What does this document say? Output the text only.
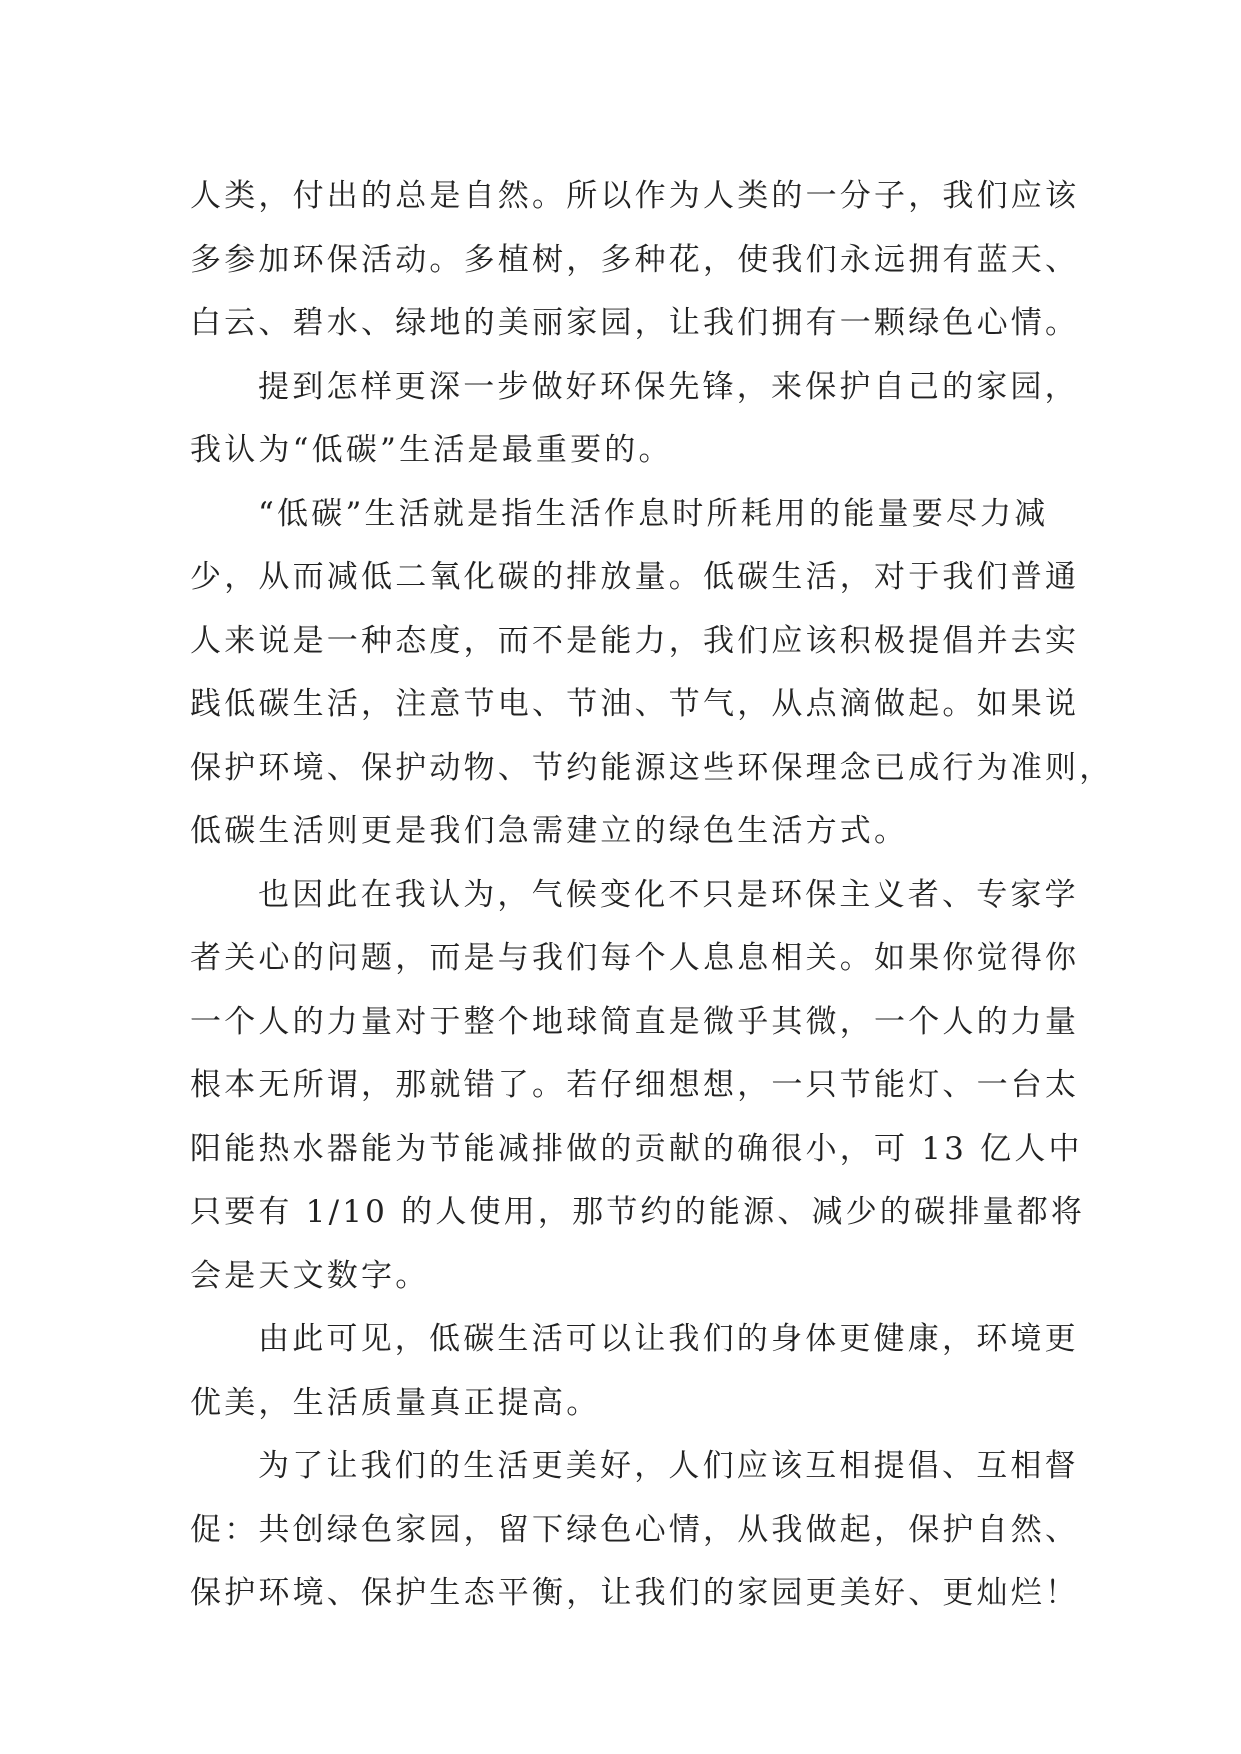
人类，付出的总是自然。所以作为人类的一分子，我们应该
多参加环保活动。多植树，多种花，使我们永远拥有蓝天、
白云、碧水、绿地的美丽家园，让我们拥有一颗绿色心情。
提到怎样更深一步做好环保先锋，来保护自己的家园，
我认为“低碳”生活是最重要的。
“低碳”生活就是指生活作息时所耗用的能量要尽力减
少，从而减低二氧化碳的排放量。低碳生活，对于我们普通
人来说是一种态度，而不是能力，我们应该积极提倡并去实
践低碳生活，注意节电、节油、节气，从点滴做起。如果说
保护环境、保护动物、节约能源这些环保理念已成行为准则，
低碳生活则更是我们急需建立的绿色生活方式。
也因此在我认为，气候变化不只是环保主义者、专家学
者关心的问题，而是与我们每个人息息相关。如果你觉得你
一个人的力量对于整个地球简直是微乎其微，一个人的力量
根本无所谓，那就错了。若仔细想想，一只节能灯、一台太
阳能热水器能为节能减排做的贡献的确很小，可 13 亿人中
只要有 1/10 的人使用，那节约的能源、减少的碳排量都将
会是天文数字。
由此可见，低碳生活可以让我们的身体更健康，环境更
优美，生活质量真正提高。
为了让我们的生活更美好，人们应该互相提倡、互相督
促：共创绿色家园，留下绿色心情，从我做起，保护自然、
保护环境、保护生态平衡，让我们的家园更美好、更灿烂！
